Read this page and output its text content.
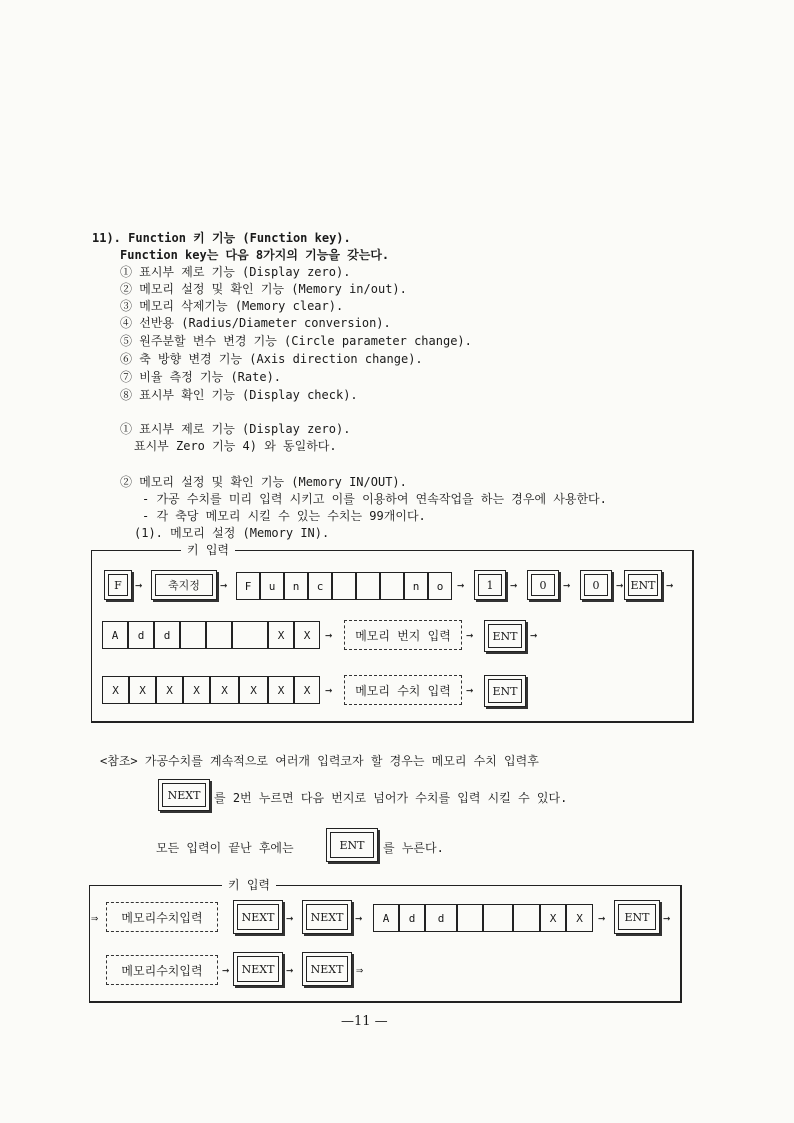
11). Function 키 기능 (Function key).
Function key는 다음 8가지의 기능을 갖는다.
① 표시부 제로 기능 (Display zero).
② 메모리 설정 및 확인 기능 (Memory in/out).
③ 메모리 삭제기능 (Memory clear).
④ 선반용 (Radius/Diameter conversion).
⑤ 원주분할 변수 변경 기능 (Circle parameter change).
⑥ 축 방향 변경 기능 (Axis direction change).
⑦ 비율 측정 기능 (Rate).
⑧ 표시부 확인 기능 (Display check).
① 표시부 제로 기능 (Display zero).
표시부 Zero 기능 4) 와 동일하다.
② 메모리 설정 및 확인 기능 (Memory IN/OUT).
- 가공 수치를 미리 입력 시키고 이를 이용하여 연속작업을 하는 경우에 사용한다.
- 각 축당 메모리 시킬 수 있는 수치는 99개이다.
(1). 메모리 설정 (Memory IN).
키 입력
F	→	축지정	→	F	u	n	c	n	o	→	1	→	0	→	0	→ ENT →
A	d	d	X	X	→	메모리 번지 입력	→	ENT	→
X	X	X	X	X	X	X	X	→	메모리 수치 입력	→	ENT
<참조> 가공수치를 계속적으로 여러개 입력코자 할 경우는 메모리 수치 입력후
NEXT	를 2번 누르면 다음 번지로 넘어가 수치를 입력 시킬 수 있다.
모든 입력이 끝난 후에는	ENT	를 누른다.
키 입력
⇒	메모리수치입력	NEXT →	NEXT →	A	d	d	X	X	→	ENT	→
메모리수치입력	→	NEXT →	NEXT	⇒
—11 —
